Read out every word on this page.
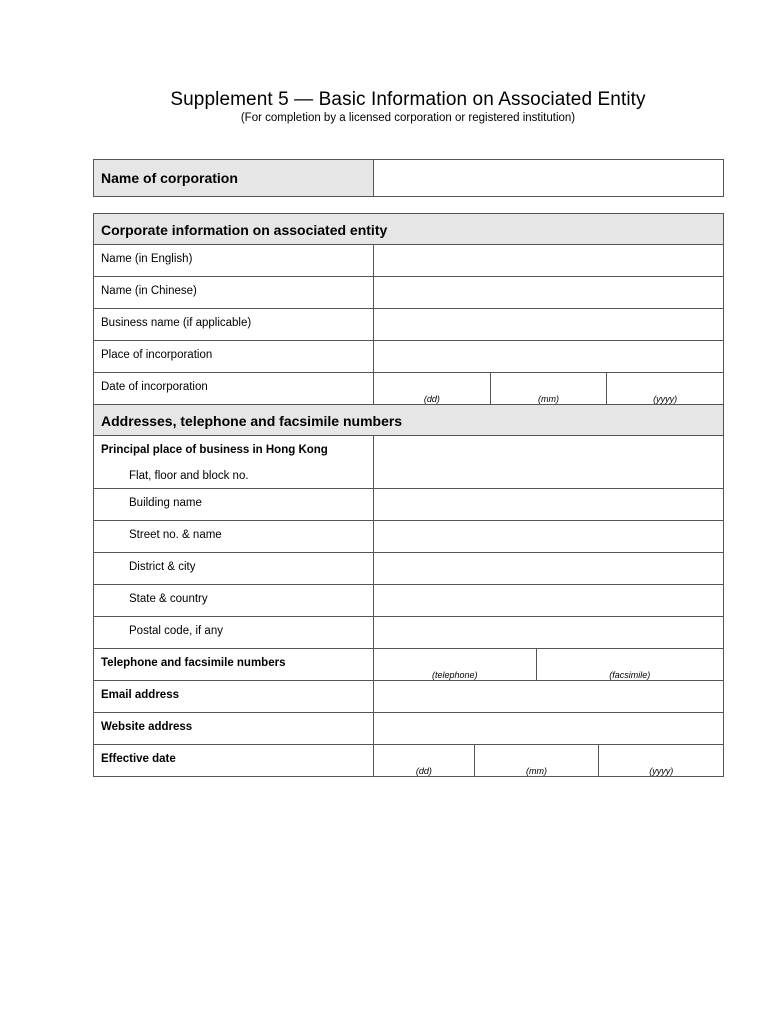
Supplement 5 — Basic Information on Associated Entity
(For completion by a licensed corporation or registered institution)
Name of corporation	
Corporate information on associated entity	
Name (in English)	
Name (in Chinese)	
Business name (if applicable)	
Place of incorporation	
Date of incorporation	(dd) (mm) (yyyy)

Addresses, telephone and facsimile numbers	
Principal place of business in Hong Kong
Flat, floor and block no.	

Building name	
Street no. & name	
District & city	
State & country	
Postal code, if any	
Telephone and facsimile numbers	(telephone) (facsimile)

Email address	
Website address	
Effective date	(dd) (mm) (yyyy)
